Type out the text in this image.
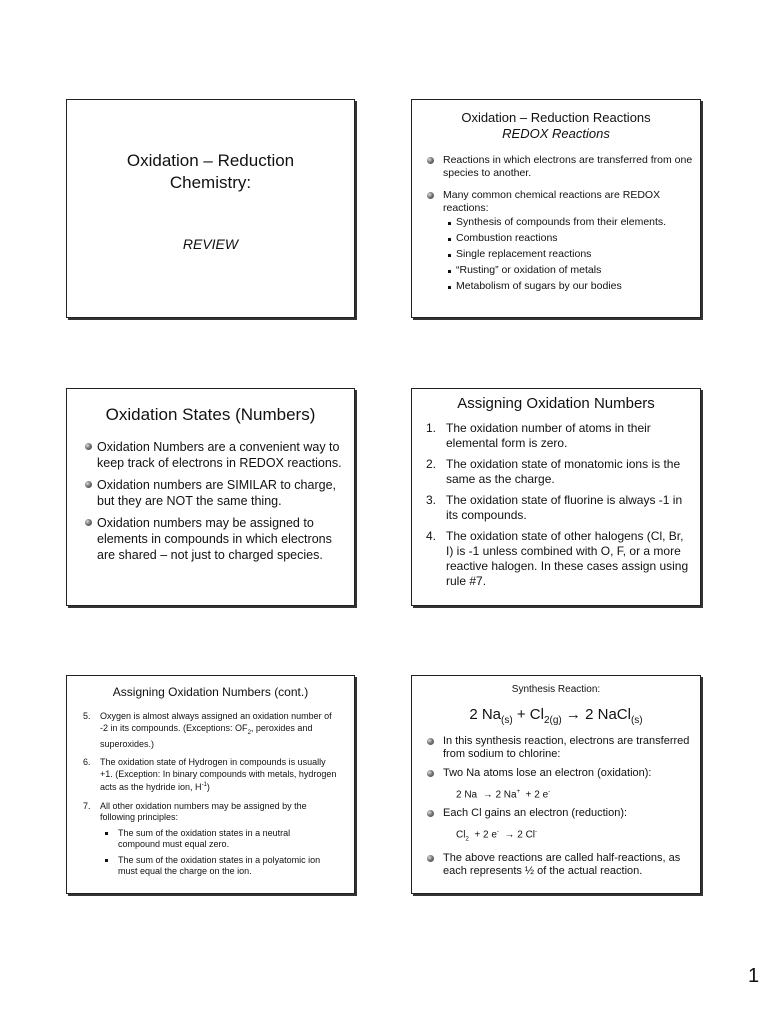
Oxidation – Reduction
Chemistry:
REVIEW
Oxidation – Reduction Reactions
REDOX Reactions
Reactions in which electrons are transferred from one species to another.
Many common chemical reactions are REDOX reactions:
Synthesis of compounds from their elements.
Combustion reactions
Single replacement reactions
“Rusting” or oxidation of metals
Metabolism of sugars by our bodies
Oxidation States (Numbers)
Oxidation Numbers are a convenient way to keep track of electrons in REDOX reactions.
Oxidation numbers are SIMILAR to charge, but they are NOT the same thing.
Oxidation numbers may be assigned to elements in compounds in which electrons are shared – not just to charged species.
Assigning Oxidation Numbers
1. The oxidation number of atoms in their elemental form is zero.
2. The oxidation state of monatomic ions is the same as the charge.
3. The oxidation state of fluorine is always -1 in its compounds.
4. The oxidation state of other halogens (Cl, Br, I) is -1 unless combined with O, F, or a more reactive halogen. In these cases assign using rule #7.
Assigning Oxidation Numbers (cont.)
5. Oxygen is almost always assigned an oxidation number of -2 in its compounds. (Exceptions: $OF_2$, peroxides and superoxides.)
6. The oxidation state of Hydrogen in compounds is usually +1. (Exception: In binary compounds with metals, hydrogen acts as the hydride ion, $H^{-1}$)
7. All other oxidation numbers may be assigned by the following principles:
The sum of the oxidation states in a neutral compound must equal zero.
The sum of the oxidation states in a polyatomic ion must equal the charge on the ion.
Synthesis Reaction:
2 $Na_{(s)} + Cl_{2(g)} \to 2$ NaCl$_{(s)}$
In this synthesis reaction, electrons are transferred from sodium to chlorine:
Two Na atoms lose an electron (oxidation):
2 Na → 2 Na+ + 2 e-
Each Cl gains an electron (reduction):
$Cl_2 + 2$ e- → 2 Cl-
The above reactions are called half-reactions, as each represents ½ of the actual reaction.
1
